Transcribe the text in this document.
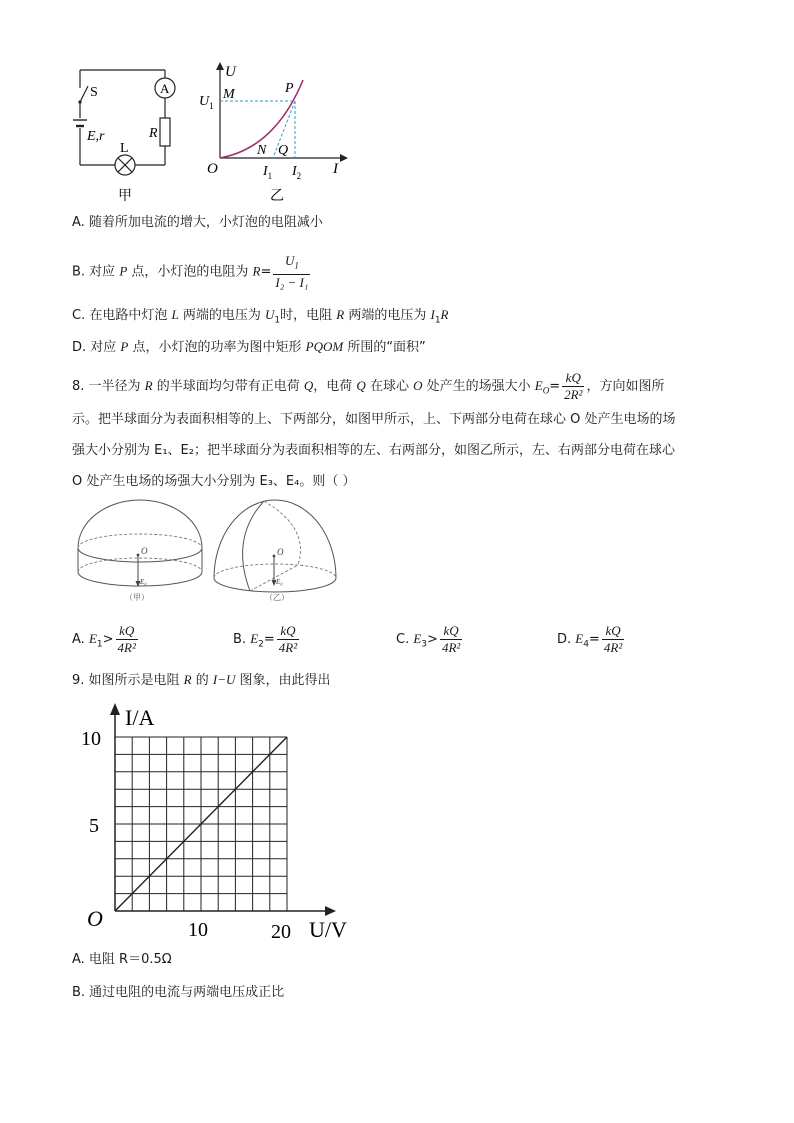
S	A
E,r	R
L
甲
U
I
O
$U_1$
M	P
N Q
$I_1$ $I_2$
乙
A. 随着所加电流的增大，小灯泡的电阻减小
B. 对应 P 点，小灯泡的电阻为 $R= \frac{U_1}{\text{I₂ − I₁}}$
C. 在电路中灯泡 L 两端的电压为 $U_1$时，电阻 R 两端的电压为 $I_1R$
D. 对应 P 点，小灯泡的功率为图中矩形 PQOM 所围的“面积”
8. 一半径为 R 的半球面均匀带有正电荷 Q，电荷 Q 在球心 O 处产生的场强大小 $E_O= \frac{kQ}{\text{2R²}}$ ，方向如图所
示。把半球面分为表面积相等的上、下两部分，如图甲所示，上、下两部分电荷在球心 O 处产生电场的场
强大小分别为 E₁、E₂；把半球面分为表面积相等的左、右两部分，如图乙所示，左、右两部分电荷在球心
O 处产生电场的场强大小分别为 E₃、E₄。则（ ）
O
E₀
（甲）
O
E₀
（乙）
A. $E_1> \frac{kQ}{\text{4R²}}$	B. $E_2= \frac{kQ}{\text{4R²}}$	C. $E_3> \frac{kQ}{\text{4R²}}$	D. $E_4= \frac{kQ}{\text{4R²}}$
9. 如图所示是电阻 R 的 I−U 图象，由此得出
I/A
U/V
O	10	20
5
10
A. 电阻 R＝0.5Ω
B. 通过电阻的电流与两端电压成正比
